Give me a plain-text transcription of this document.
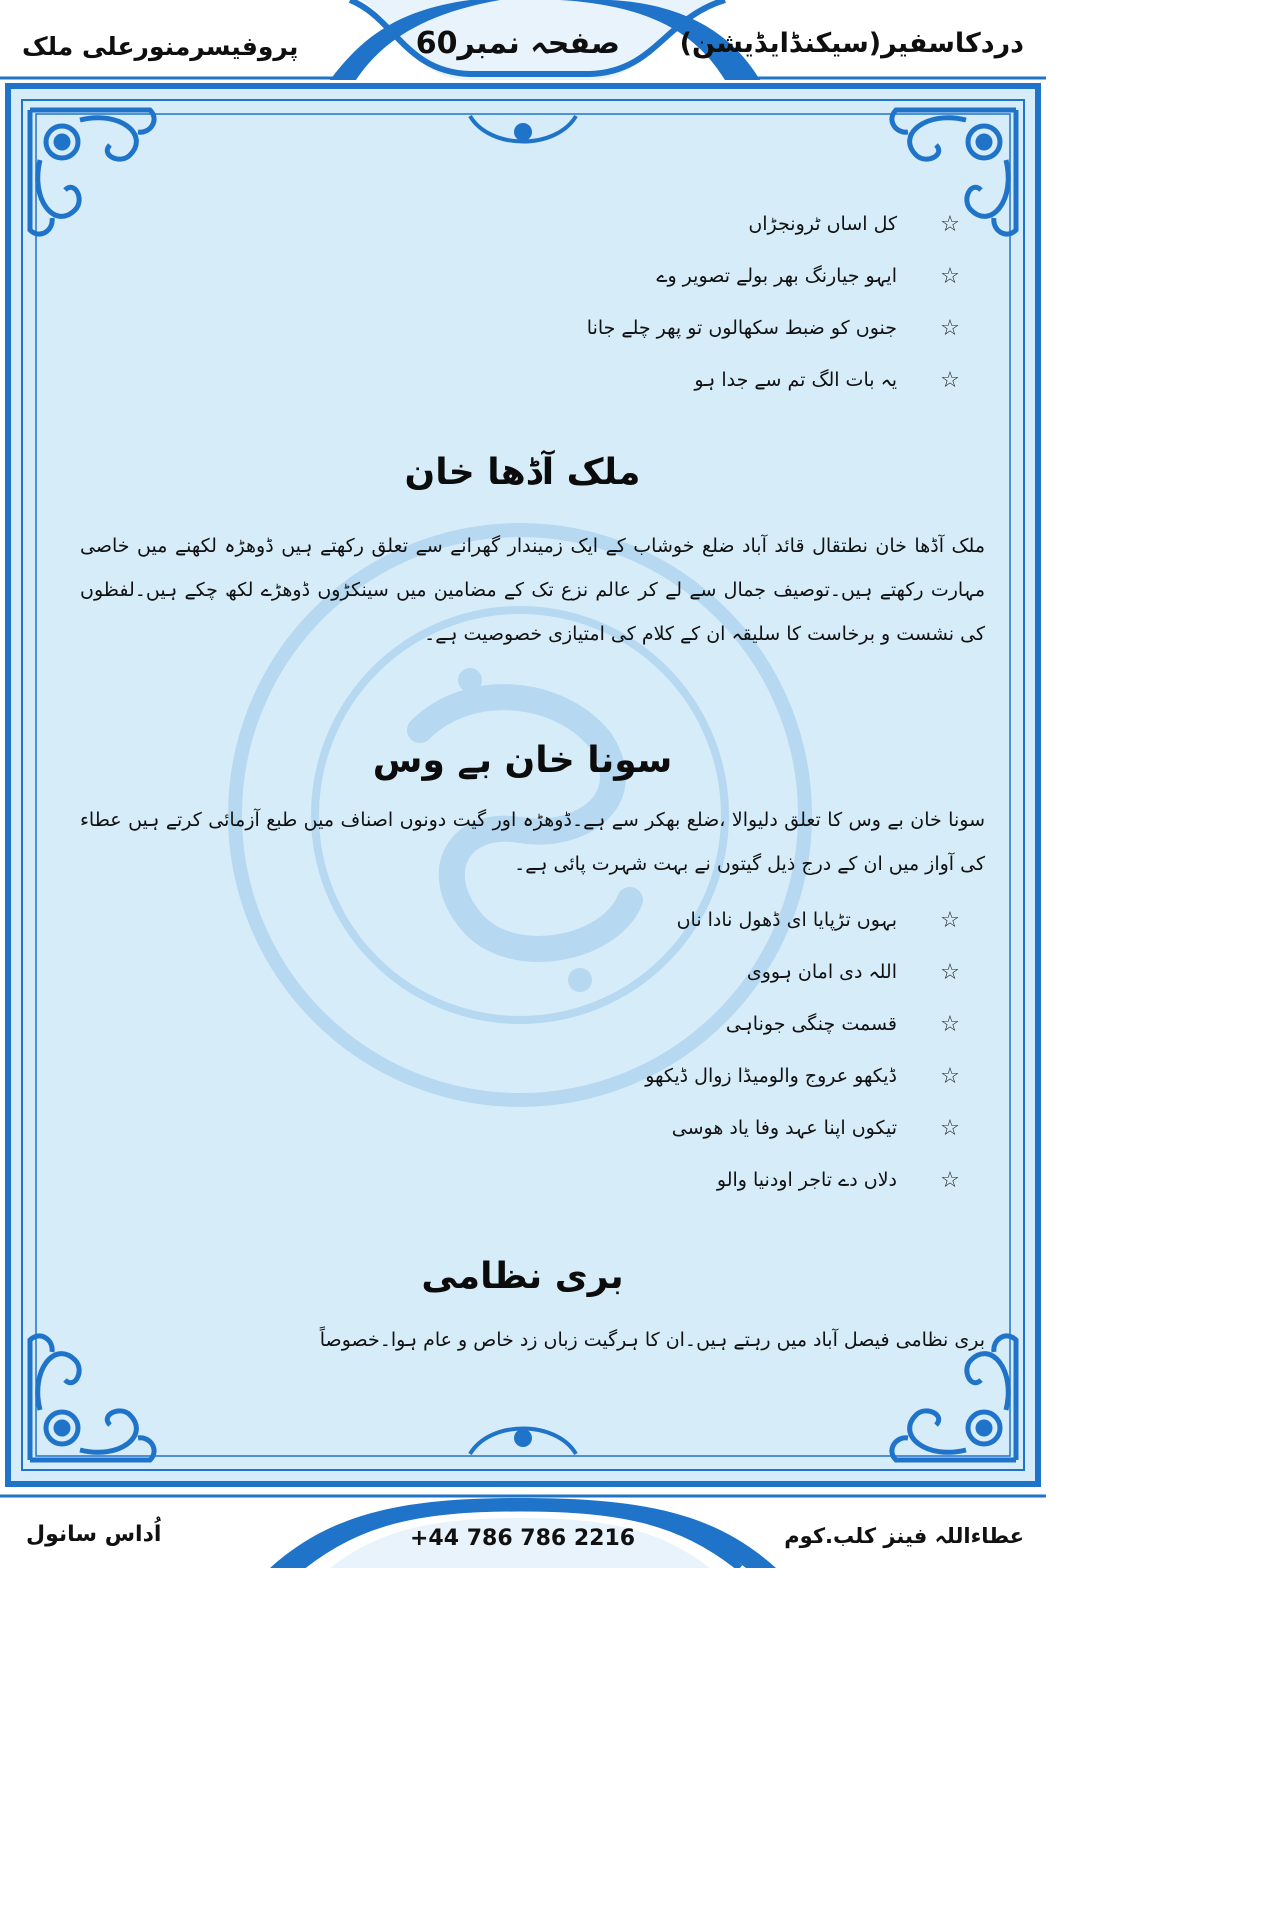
دردکاسفیر(سیکنڈایڈیشن)
صفحہ نمبر60
پروفیسرمنورعلی ملک
☆
کل اساں ٹرونجڑاں
☆
ایہو جیارنگ بھر بولے تصویر وے
☆
جنوں کو ضبط سکھالوں تو پھر چلے جانا
☆
یہ بات الگ تم سے جدا ہو
ملک آڈھا خان
ملک آڈھا خان نطتقال قائد آباد ضلع خوشاب کے ایک زمیندار گھرانے سے تعلق رکھتے ہیں ڈوھڑہ لکھنے میں خاصی مہارت رکھتے ہیں۔توصیف جمال سے لے کر عالم نزع تک کے مضامین میں سینکڑوں ڈوھڑے لکھ چکے ہیں۔لفظوں کی نشست و برخاست کا سلیقہ ان کے کلام کی امتیازی خصوصیت ہے۔
سونا خان بے وس
سونا خان بے وس کا تعلق دلیوالا ،ضلع بھکر سے ہے۔ڈوھڑہ اور گیت دونوں اصناف میں طبع آزمائی کرتے ہیں عطاء کی آواز میں ان کے درج ذیل گیتوں نے بہت شہرت پائی ہے۔
☆
بہوں تڑپایا ای ڈھول نادا ناں
☆
اللہ دی امان ہووی
☆
قسمت چنگی جوناہی
☆
ڈیکھو عروج والومیڈا زوال ڈیکھو
☆
تیکوں اپنا عہد وفا یاد ھوسی
☆
دلاں دے تاجر اودنیا والو
بری نظامی
بری نظامی فیصل آباد میں رہتے ہیں۔ان کا ہرگیت زباں زد خاص و عام ہوا۔خصوصاً
اُداس سانول	+44 786 786 2216	عطاءاللہ فینز کلب.کوم
